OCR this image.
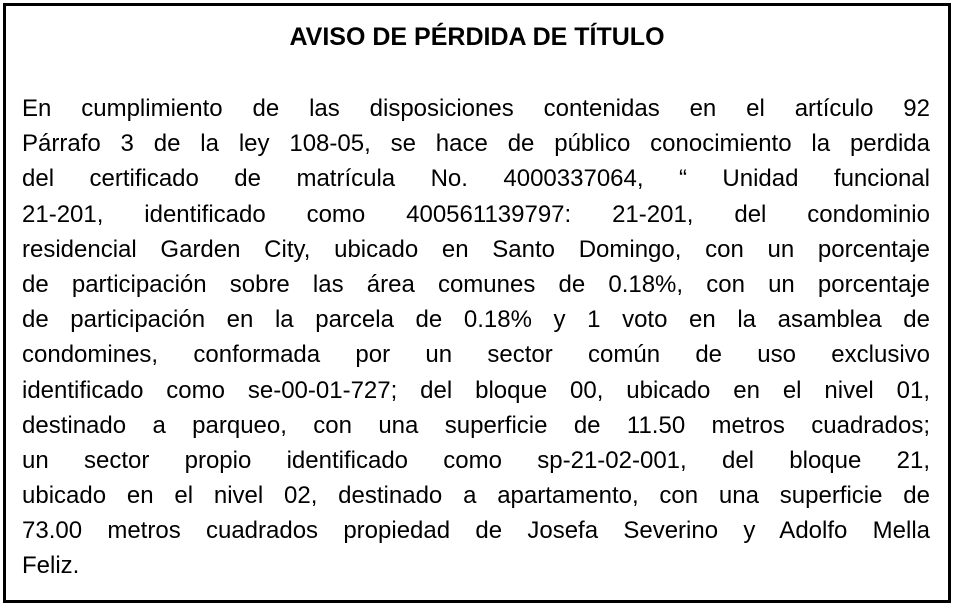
AVISO DE PÉRDIDA DE TÍTULO
En cumplimiento de las disposiciones contenidas en el artículo 92
Párrafo 3 de la ley 108-05, se hace de público conocimiento la perdida
del certificado de matrícula No. 4000337064, “ Unidad funcional
21-201, identificado como 400561139797: 21-201, del condominio
residencial Garden City, ubicado en Santo Domingo, con un porcentaje
de participación sobre las área comunes de 0.18%, con un porcentaje
de participación en la parcela de 0.18% y 1 voto en la asamblea de
condomines, conformada por un sector común de uso exclusivo
identificado como se-00-01-727; del bloque 00, ubicado en el nivel 01,
destinado a parqueo, con una superficie de 11.50 metros cuadrados;
un sector propio identificado como sp-21-02-001, del bloque 21,
ubicado en el nivel 02, destinado a apartamento, con una superficie de
73.00 metros cuadrados propiedad de Josefa Severino y Adolfo Mella
Feliz.
